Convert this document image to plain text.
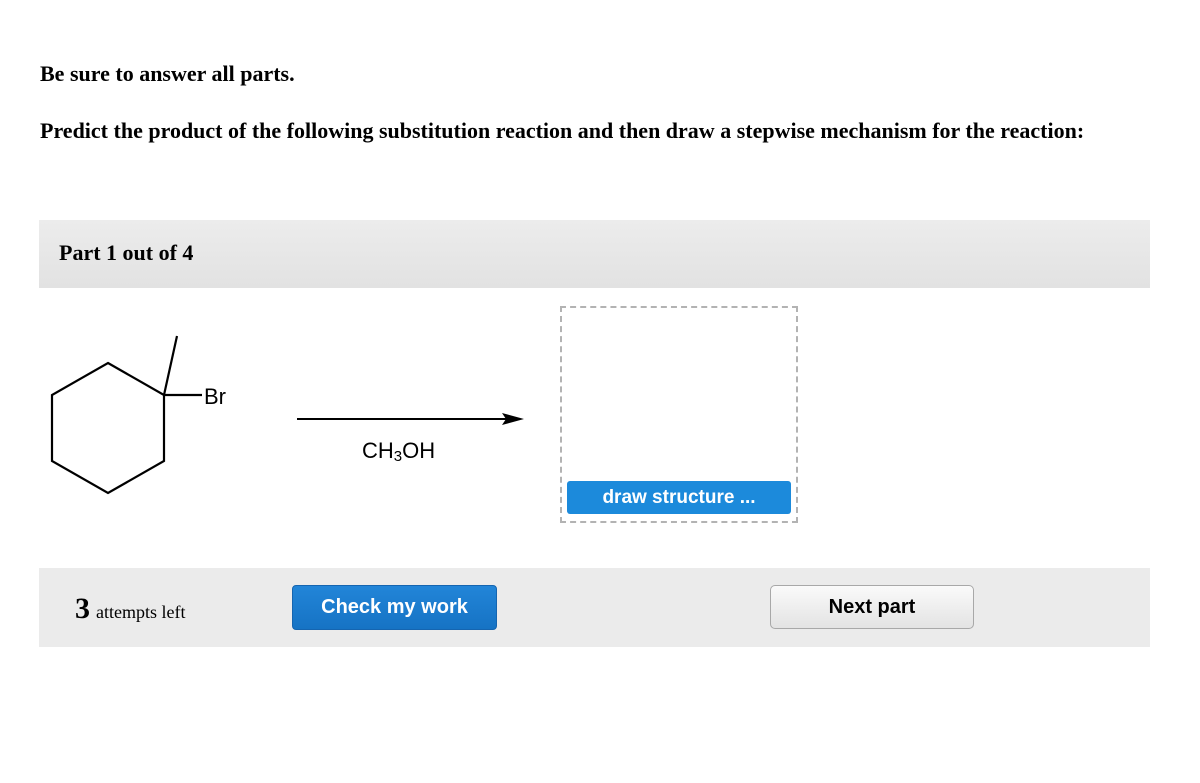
Be sure to answer all parts.
Predict the product of the following substitution reaction and then draw a stepwise mechanism for the reaction:
Part 1 out of 4
Br
$CH_3OH$
draw structure ...
3 attempts left	Check my work	Next part
